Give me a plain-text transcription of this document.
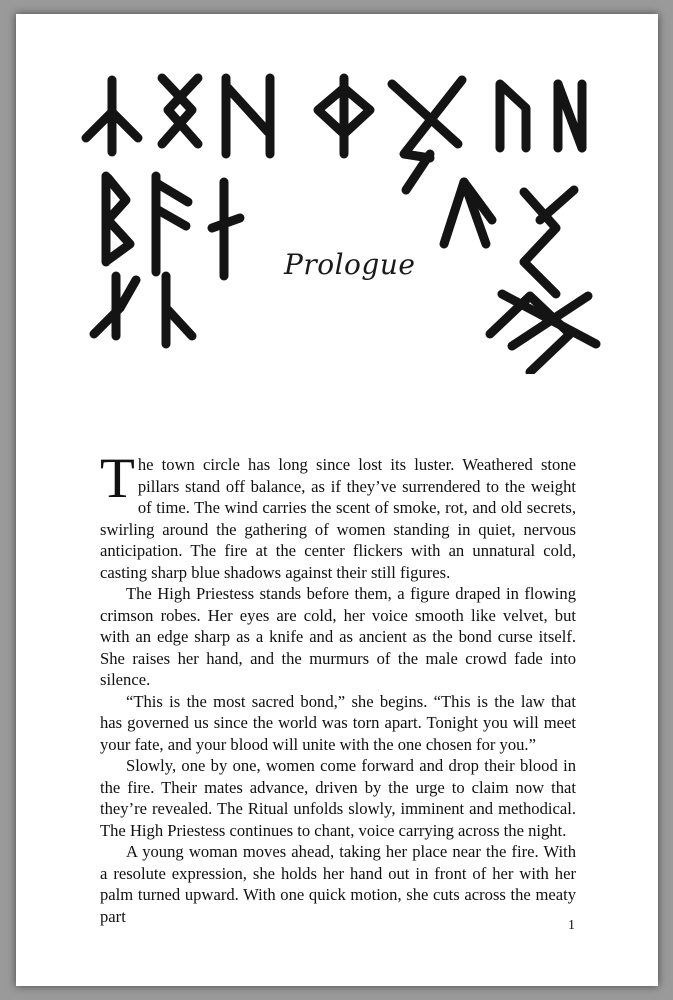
Prologue

The town circle has long since lost its luster. Weathered stone pillars stand off balance, as if they’ve surrendered to the weight of time. The wind carries the scent of smoke, rot, and old secrets, swirling around the gathering of women standing in quiet, nervous anticipation. The fire at the center flickers with an unnatural cold, casting sharp blue shadows against their still figures.

The High Priestess stands before them, a figure draped in flowing crimson robes. Her eyes are cold, her voice smooth like velvet, but with an edge sharp as a knife and as ancient as the bond curse itself. She raises her hand, and the murmurs of the male crowd fade into silence.

“This is the most sacred bond,” she begins. “This is the law that has governed us since the world was torn apart. Tonight you will meet your fate, and your blood will unite with the one chosen for you.”

Slowly, one by one, women come forward and drop their blood in the fire. Their mates advance, driven by the urge to claim now that they’re revealed. The Ritual unfolds slowly, imminent and methodical. The High Priestess continues to chant, voice carrying across the night.

A young woman moves ahead, taking her place near the fire. With a resolute expression, she holds her hand out in front of her with her palm turned upward. With one quick motion, she cuts across the meaty part	1
